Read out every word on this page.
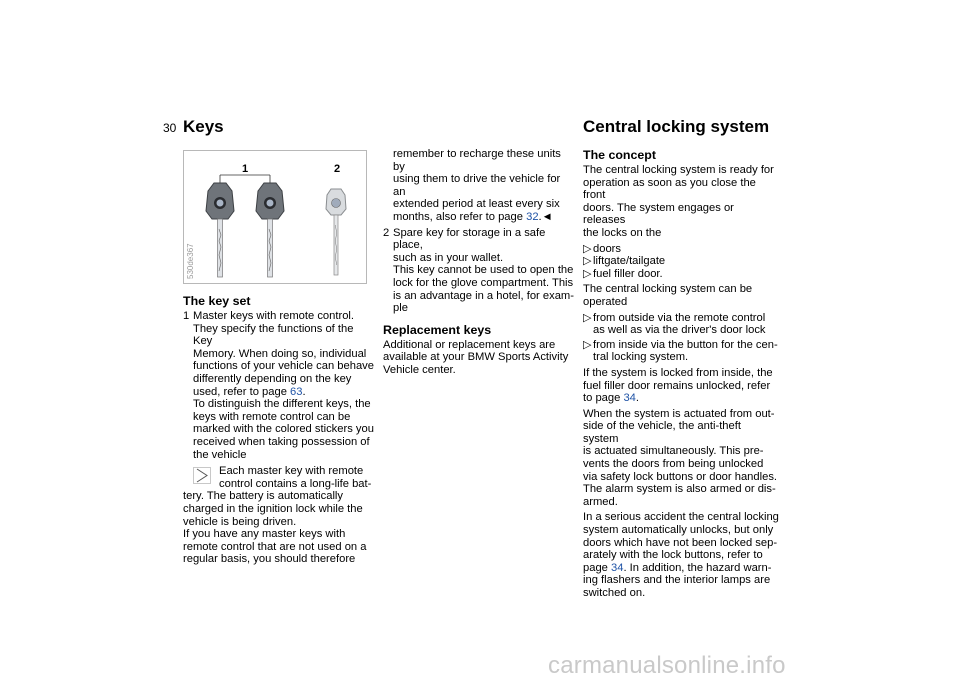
30 Keys	Central locking system
1	2
530de367
The key set
1 Master keys with remote control.
They specify the functions of the Key
Memory. When doing so, individual
functions of your vehicle can behave
differently depending on the key
used, refer to page 63.
To distinguish the different keys, the
keys with remote control can be
marked with the colored stickers you
received when taking possession of
the vehicle
Each master key with remote
control contains a long-life bat-
tery. The battery is automatically
charged in the ignition lock while the
vehicle is being driven.
If you have any master keys with
remote control that are not used on a
regular basis, you should therefore
remember to recharge these units by
using them to drive the vehicle for an
extended period at least every six
months, also refer to page 32.◄
2 Spare key for storage in a safe place,
such as in your wallet.
This key cannot be used to open the
lock for the glove compartment. This
is an advantage in a hotel, for exam-
ple
Replacement keys
Additional or replacement keys are
available at your BMW Sports Activity
Vehicle center.
The concept

The central locking system is ready for
operation as soon as you close the front
doors. The system engages or releases
the locks on the

▷ doors
▷ liftgate/tailgate
▷ fuel filler door.

The central locking system can be
operated

▷ from outside via the remote control
as well as via the driver's door lock
▷ from inside via the button for the cen-
tral locking system.

If the system is locked from inside, the
fuel filler door remains unlocked, refer
to page 34.

When the system is actuated from out-
side of the vehicle, the anti-theft system
is actuated simultaneously. This pre-
vents the doors from being unlocked
via safety lock buttons or door handles.
The alarm system is also armed or dis-
armed.

In a serious accident the central locking
system automatically unlocks, but only
doors which have not been locked sep-
arately with the lock buttons, refer to
page 34. In addition, the hazard warn-
ing flashers and the interior lamps are
switched on.

carmanualsonline.info
